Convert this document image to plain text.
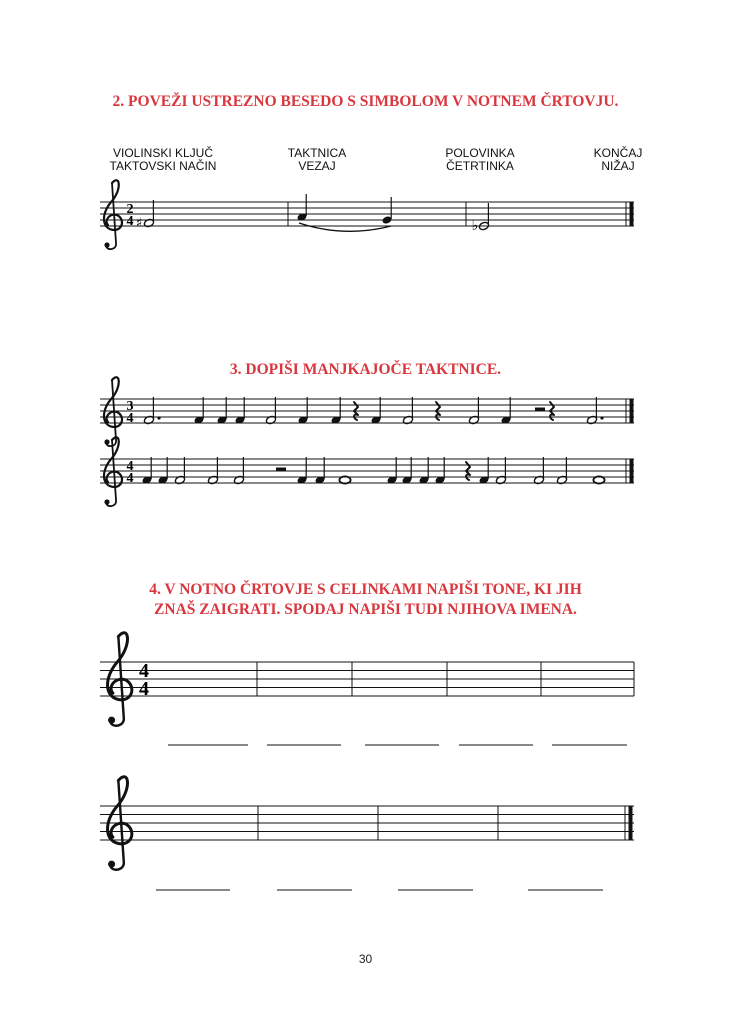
2. POVEŽI USTREZNO BESEDO S SIMBOLOM V NOTNEM ČRTOVJU.
VIOLINSKI KLJUČ
TAKTOVSKI NAČIN
TAKTNICA
VEZAJ
POLOVINKA
ČETRTINKA
KONČAJ
NIŽAJ
3. DOPIŠI MANJKAJOČE TAKTNICE.
4. V NOTNO ČRTOVJE S CELINKAMI NAPIŠI TONE, KI JIH
ZNAŠ ZAIGRATI. SPODAJ NAPIŠI TUDI NJIHOVA IMENA.
2
4 ♯	♭
3
4
4
4
4
4
30
